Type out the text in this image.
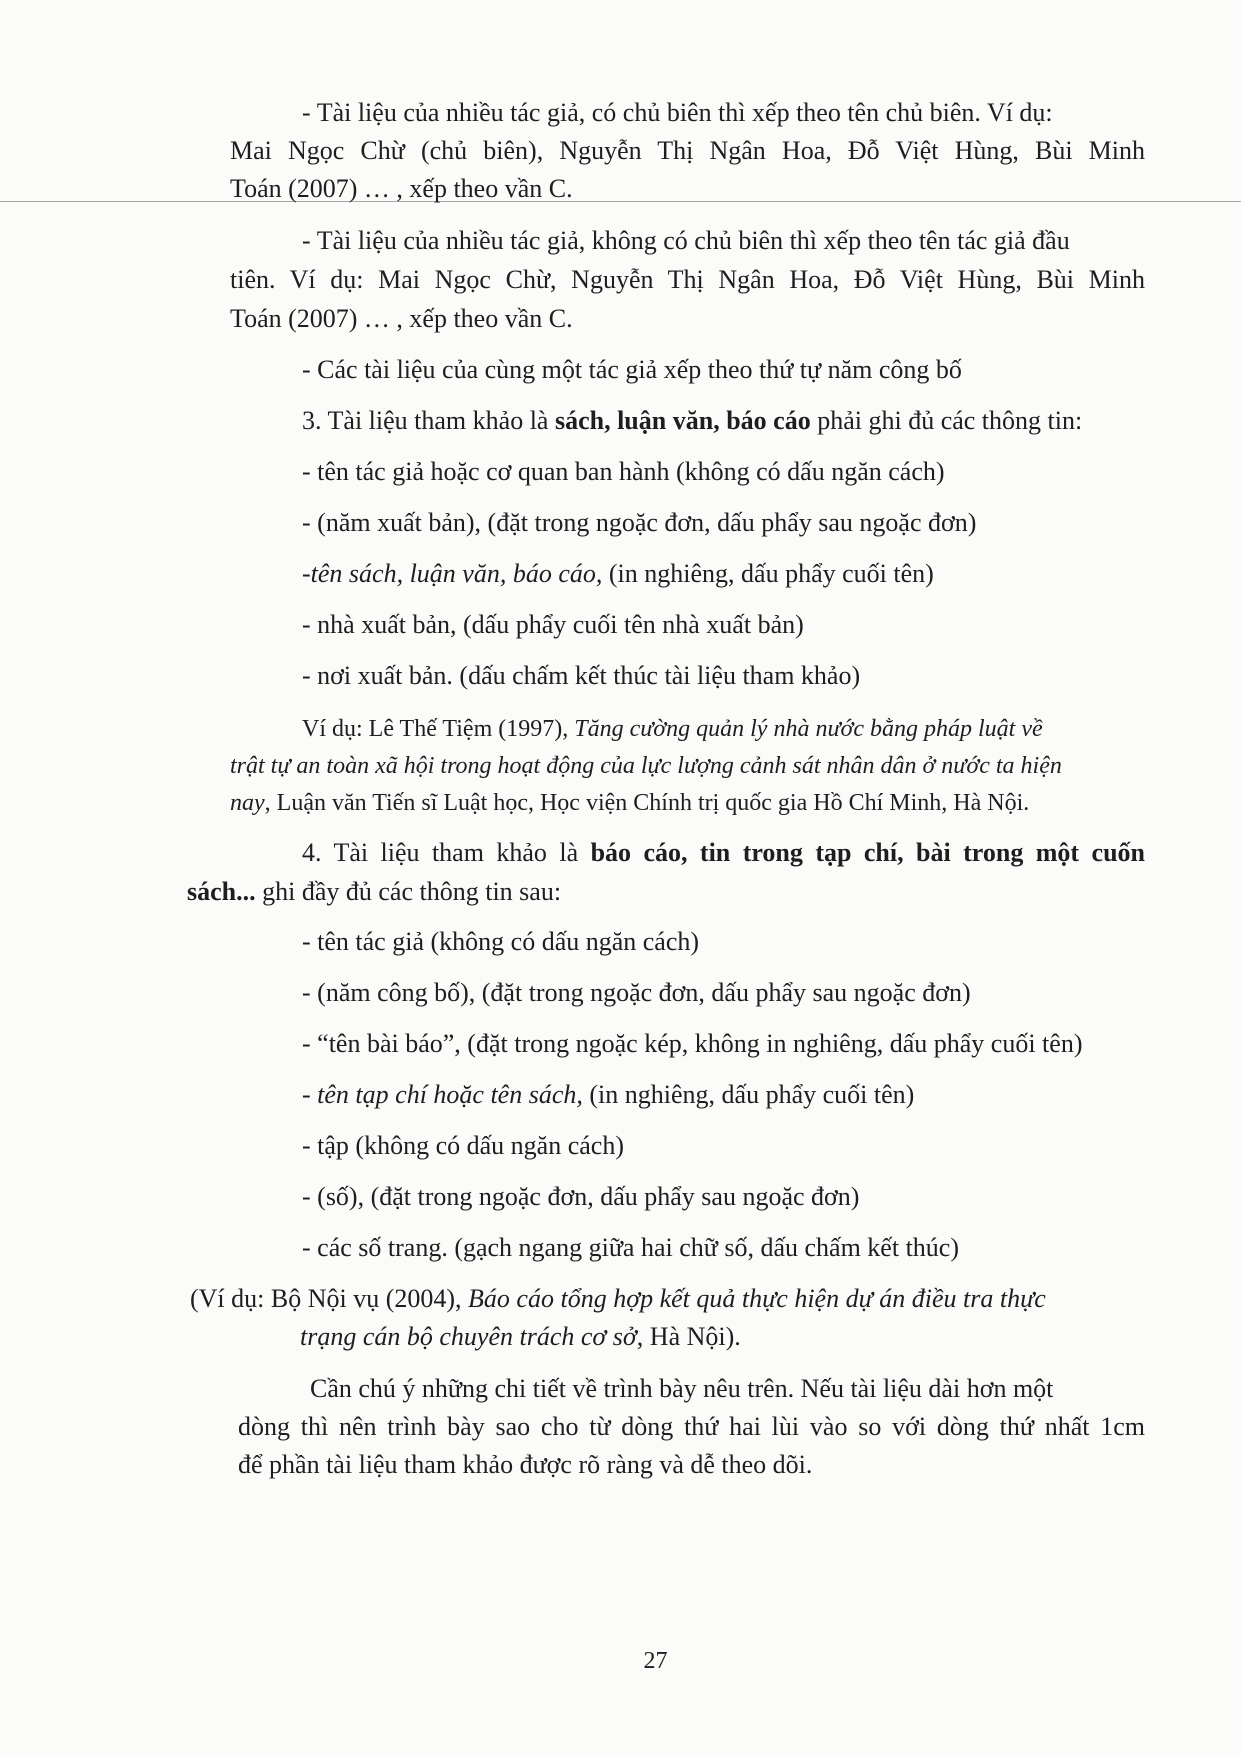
- Tài liệu của nhiều tác giả, có chủ biên thì xếp theo tên chủ biên. Ví dụ:

Mai Ngọc Chừ (chủ biên), Nguyễn Thị Ngân Hoa, Đỗ Việt Hùng, Bùi Minh

Toán (2007) … , xếp theo vần C.

- Tài liệu của nhiều tác giả, không có chủ biên thì xếp theo tên tác giả đầu

tiên. Ví dụ: Mai Ngọc Chừ, Nguyễn Thị Ngân Hoa, Đỗ Việt Hùng, Bùi Minh

Toán (2007) … , xếp theo vần C.

- Các tài liệu của cùng một tác giả xếp theo thứ tự năm công bố

3. Tài liệu tham khảo là sách, luận văn, báo cáo phải ghi đủ các thông tin:

- tên tác giả hoặc cơ quan ban hành (không có dấu ngăn cách)

- (năm xuất bản), (đặt trong ngoặc đơn, dấu phẩy sau ngoặc đơn)

-tên sách, luận văn, báo cáo, (in nghiêng, dấu phẩy cuối tên)

- nhà xuất bản, (dấu phẩy cuối tên nhà xuất bản)

- nơi xuất bản. (dấu chấm kết thúc tài liệu tham khảo)

Ví dụ: Lê Thế Tiệm (1997), Tăng cường quản lý nhà nước bằng pháp luật về

trật tự an toàn xã hội trong hoạt động của lực lượng cảnh sát nhân dân ở nước ta hiện

nay, Luận văn Tiến sĩ Luật học, Học viện Chính trị quốc gia Hồ Chí Minh, Hà Nội.

4. Tài liệu tham khảo là báo cáo, tin trong tạp chí, bài trong một cuốn

sách... ghi đầy đủ các thông tin sau:

- tên tác giả (không có dấu ngăn cách)

- (năm công bố), (đặt trong ngoặc đơn, dấu phẩy sau ngoặc đơn)

- “tên bài báo”, (đặt trong ngoặc kép, không in nghiêng, dấu phẩy cuối tên)

- tên tạp chí hoặc tên sách, (in nghiêng, dấu phẩy cuối tên)

- tập (không có dấu ngăn cách)

- (số), (đặt trong ngoặc đơn, dấu phẩy sau ngoặc đơn)

- các số trang. (gạch ngang giữa hai chữ số, dấu chấm kết thúc)

(Ví dụ: Bộ Nội vụ (2004), Báo cáo tổng hợp kết quả thực hiện dự án điều tra thực

trạng cán bộ chuyên trách cơ sở, Hà Nội).

Cần chú ý những chi tiết về trình bày nêu trên. Nếu tài liệu dài hơn một

dòng thì nên trình bày sao cho từ dòng thứ hai lùi vào so với dòng thứ nhất 1cm

để phần tài liệu tham khảo được rõ ràng và dễ theo dõi.

27
